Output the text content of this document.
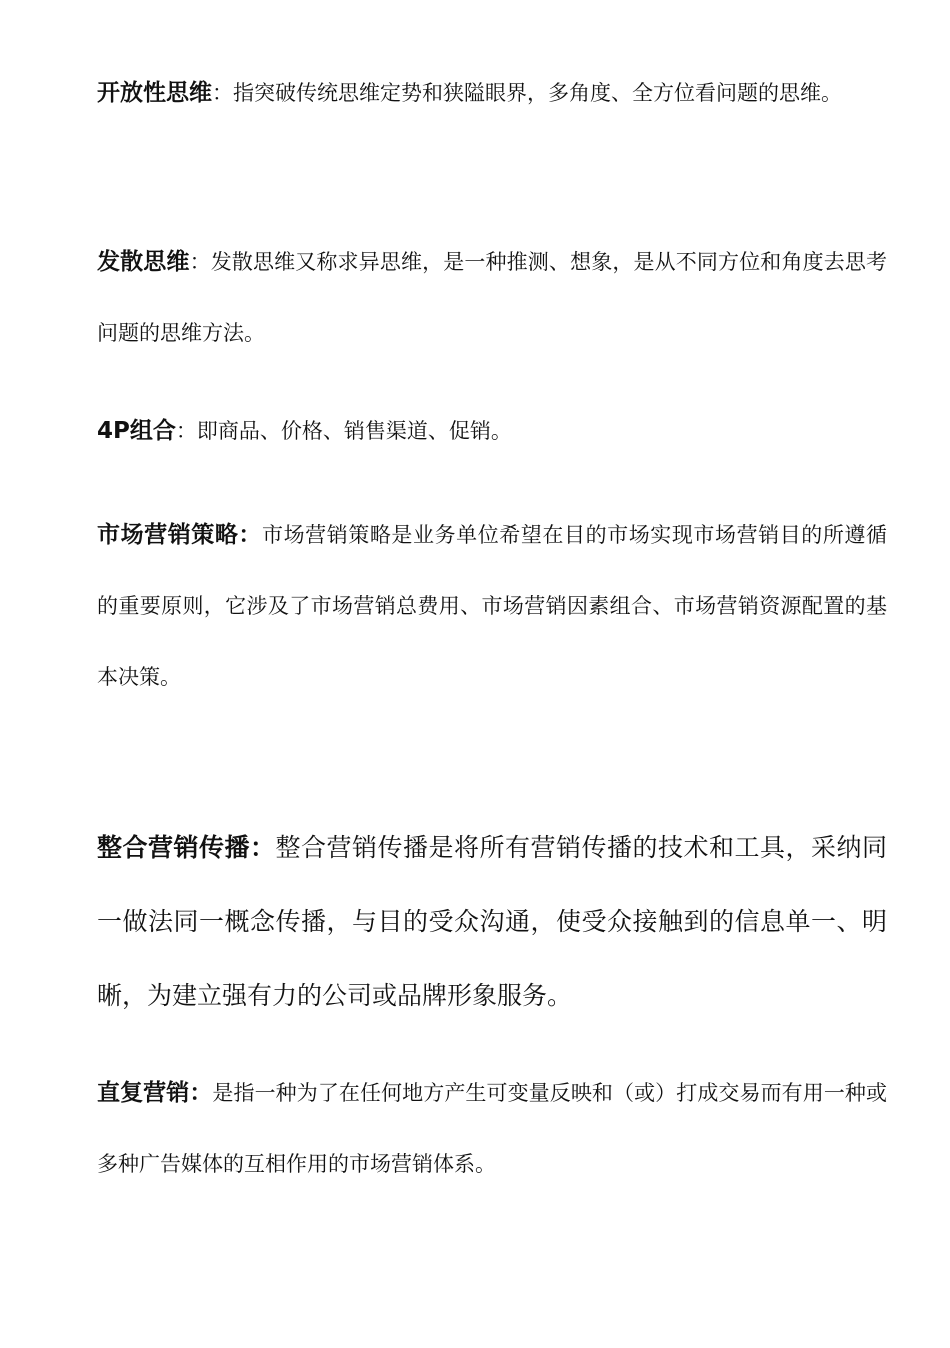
开放性思维：指突破传统思维定势和狭隘眼界，多角度、全方位看问题的思维。

发散思维：发散思维又称求异思维，是一种推测、想象，是从不同方位和角度去思考问题的思维方法。

4P组合：即商品、价格、销售渠道、促销。

市场营销策略：市场营销策略是业务单位希望在目的市场实现市场营销目的所遵循的重要原则，它涉及了市场营销总费用、市场营销因素组合、市场营销资源配置的基本决策。

整合营销传播：整合营销传播是将所有营销传播的技术和工具，采纳同一做法同一概念传播，与目的受众沟通，使受众接触到的信息单一、明晰，为建立强有力的公司或品牌形象服务。

直复营销：是指一种为了在任何地方产生可变量反映和（或）打成交易而有用一种或多种广告媒体的互相作用的市场营销体系。
